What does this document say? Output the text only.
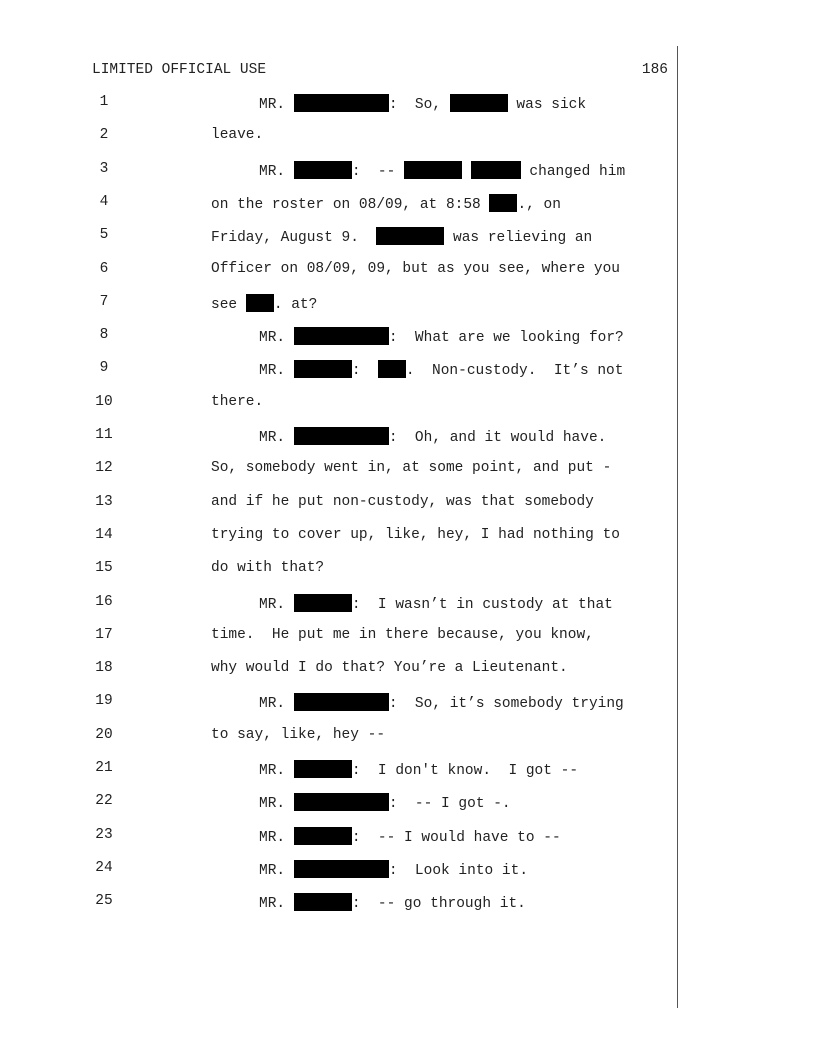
LIMITED OFFICIAL USE	186
1	MR.	:  So,	was sick
2	leave.
3	MR.	:  --	changed him
4	on the roster on 08/09, at 8:58 ., on
5	Friday, August 9.	was relieving an
6	Officer on 08/09, 09, but as you see, where you
7	see . at?
8	MR.	:  What are we looking for?
9	MR.	:  .  Non-custody.  It’s not
10	there.
11	MR.	:  Oh, and it would have.
12	So, somebody went in, at some point, and put -
13	and if he put non-custody, was that somebody
14	trying to cover up, like, hey, I had nothing to
15	do with that?
16	MR.	:  I wasn’t in custody at that
17	time.  He put me in there because, you know,
18	why would I do that? You’re a Lieutenant.
19	MR.	:  So, it’s somebody trying
20	to say, like, hey --
21	MR.	:  I don't know.  I got --
22	MR.	:  -- I got -.
23	MR.	:  -- I would have to --
24	MR.	:  Look into it.
25	MR.	:  -- go through it.
